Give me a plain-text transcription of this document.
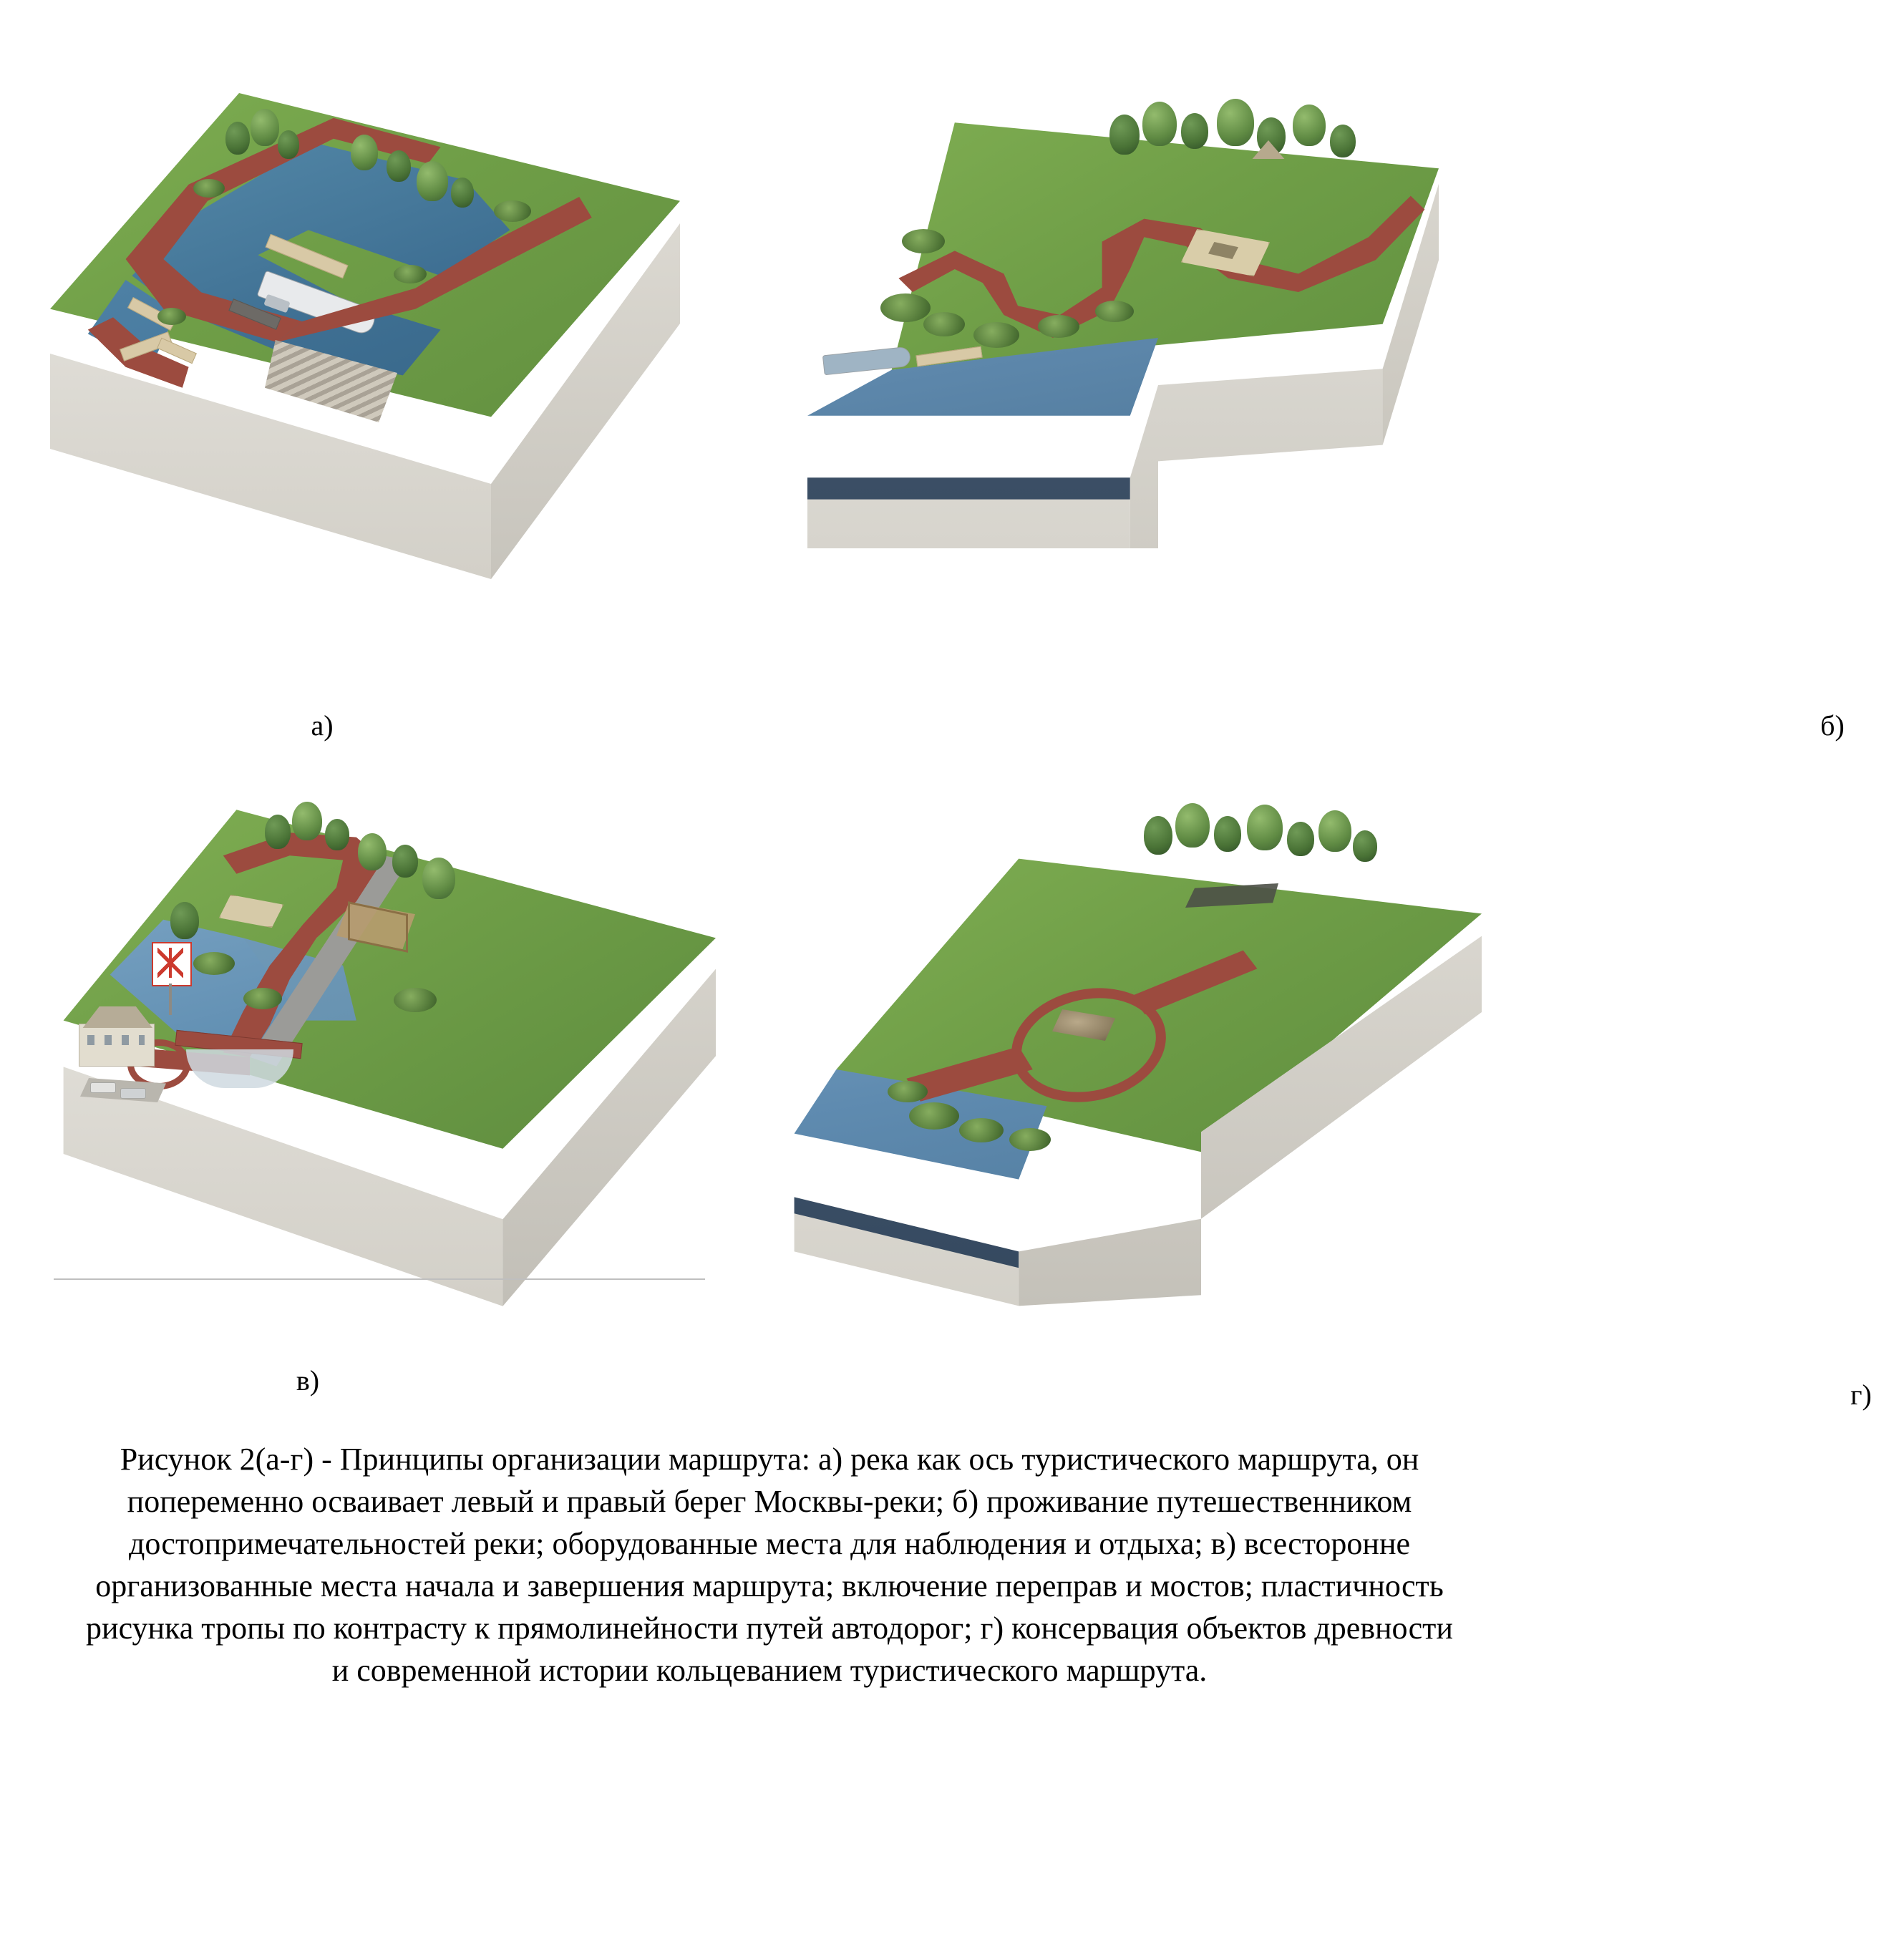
а)	б)
в)	г)

Рисунок 2(а-г) - Принципы организации маршрута: а) река как ось туристического маршрута, он попеременно осваивает левый и правый берег Москвы-реки; б) проживание путешественником достопримечательностей реки; оборудованные места для наблюдения и отдыха; в) всесторонне организованные места начала и завершения маршрута; включение переправ и мостов; пластичность рисунка тропы по контрасту к прямолинейности путей автодорог; г) консервация объектов древности и современной истории кольцеванием туристического маршрута.
